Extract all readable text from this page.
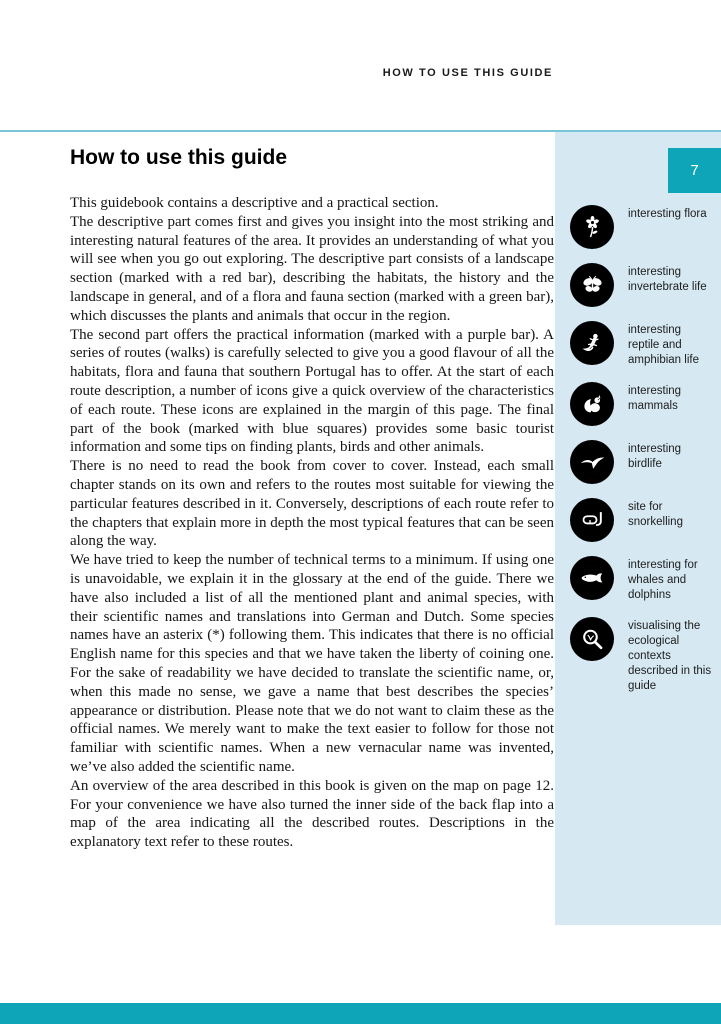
HOW TO USE THIS GUIDE
7
interesting flora
interesting invertebrate life
interesting reptile and amphibian life
interesting mammals
interesting birdlife
site for snorkelling
interesting for whales and dolphins
visualising the ecological contexts described in this guide
How to use this guide

This guidebook contains a descriptive and a practical section.

The descriptive part comes first and gives you insight into the most striking and interesting natural features of the area. It provides an understanding of what you will see when you go out exploring. The descriptive part consists of a landscape section (marked with a red bar), describing the habitats, the history and the landscape in general, and of a flora and fauna section (marked with a green bar), which discusses the plants and animals that occur in the region.

The second part offers the practical information (marked with a purple bar). A series of routes (walks) is carefully selected to give you a good flavour of all the habitats, flora and fauna that southern Portugal has to offer. At the start of each route description, a number of icons give a quick overview of the characteristics of each route. These icons are explained in the margin of this page. The final part of the book (marked with blue squares) provides some basic tourist information and some tips on finding plants, birds and other animals.

There is no need to read the book from cover to cover. Instead, each small chapter stands on its own and refers to the routes most suitable for viewing the particular features described in it. Conversely, descriptions of each route refer to the chapters that explain more in depth the most typical features that can be seen along the way.

We have tried to keep the number of technical terms to a minimum. If using one is unavoidable, we explain it in the glossary at the end of the guide. There we have also included a list of all the mentioned plant and animal species, with their scientific names and translations into German and Dutch. Some species names have an asterix (*) following them. This indicates that there is no official English name for this species and that we have taken the liberty of coining one. For the sake of readability we have decided to translate the scientific name, or, when this made no sense, we gave a name that best describes the species’ appearance or distribution. Please note that we do not want to claim these as the official names. We merely want to make the text easier to follow for those not familiar with scientific names. When a new vernacular name was invented, we’ve also added the scientific name.

An overview of the area described in this book is given on the map on page 12. For your convenience we have also turned the inner side of the back flap into a map of the area indicating all the described routes. Descriptions in the explanatory text refer to these routes.
